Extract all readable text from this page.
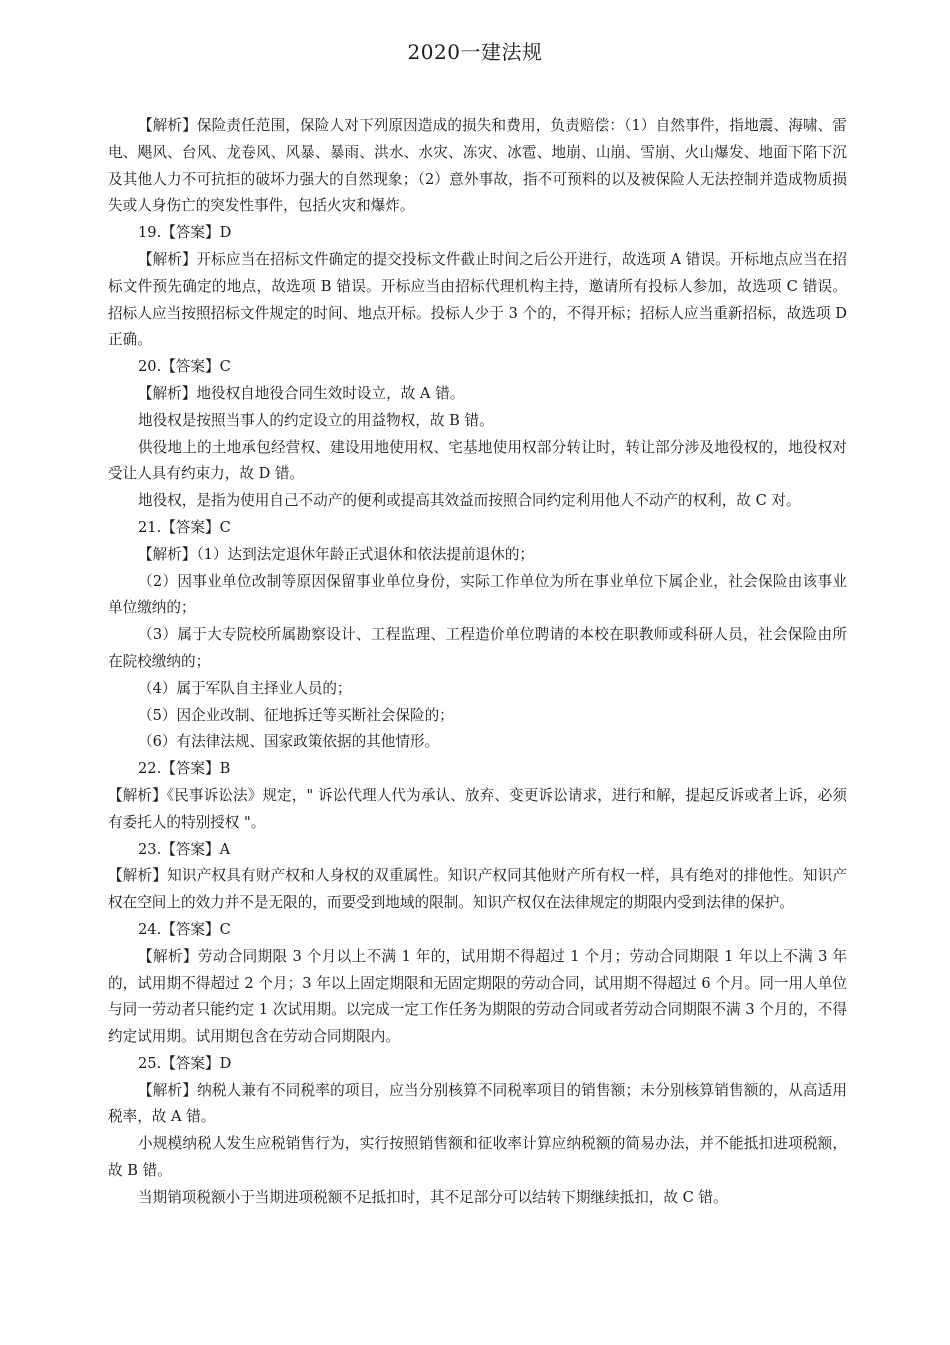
2020一建法规

【解析】保险责任范围，保险人对下列原因造成的损失和费用，负责赔偿：（1）自然事件，指地震、海啸、雷电、飓风、台风、龙卷风、风暴、暴雨、洪水、水灾、冻灾、冰雹、地崩、山崩、雪崩、火山爆发、地面下陷下沉及其他人力不可抗拒的破坏力强大的自然现象；（2）意外事故，指不可预料的以及被保险人无法控制并造成物质损失或人身伤亡的突发性事件，包括火灾和爆炸。

19.【答案】D

【解析】开标应当在招标文件确定的提交投标文件截止时间之后公开进行，故选项 A 错误。开标地点应当在招标文件预先确定的地点，故选项 B 错误。开标应当由招标代理机构主持，邀请所有投标人参加，故选项 C 错误。招标人应当按照招标文件规定的时间、地点开标。投标人少于 3 个的，不得开标；招标人应当重新招标，故选项 D 正确。

20.【答案】C

【解析】地役权自地役合同生效时设立，故 A 错。

地役权是按照当事人的约定设立的用益物权，故 B 错。

供役地上的土地承包经营权、建设用地使用权、宅基地使用权部分转让时，转让部分涉及地役权的，地役权对受让人具有约束力，故 D 错。

地役权，是指为使用自己不动产的便利或提高其效益而按照合同约定利用他人不动产的权利，故 C 对。

21.【答案】C

【解析】（1）达到法定退休年龄正式退休和依法提前退休的；

（2）因事业单位改制等原因保留事业单位身份，实际工作单位为所在事业单位下属企业，社会保险由该事业单位缴纳的；

（3）属于大专院校所属勘察设计、工程监理、工程造价单位聘请的本校在职教师或科研人员，社会保险由所在院校缴纳的；

（4）属于军队自主择业人员的；

（5）因企业改制、征地拆迁等买断社会保险的；

（6）有法律法规、国家政策依据的其他情形。

22.【答案】B

【解析】《民事诉讼法》规定，" 诉讼代理人代为承认、放弃、变更诉讼请求，进行和解，提起反诉或者上诉，必须有委托人的特别授权 "。

23.【答案】A

【解析】知识产权具有财产权和人身权的双重属性。知识产权同其他财产所有权一样，具有绝对的排他性。知识产权在空间上的效力并不是无限的，而要受到地域的限制。知识产权仅在法律规定的期限内受到法律的保护。

24.【答案】C

【解析】劳动合同期限 3 个月以上不满 1 年的，试用期不得超过 1 个月；劳动合同期限 1 年以上不满 3 年的，试用期不得超过 2 个月；3 年以上固定期限和无固定期限的劳动合同，试用期不得超过 6 个月。同一用人单位与同一劳动者只能约定 1 次试用期。以完成一定工作任务为期限的劳动合同或者劳动合同期限不满 3 个月的，不得约定试用期。试用期包含在劳动合同期限内。

25.【答案】D

【解析】纳税人兼有不同税率的项目，应当分别核算不同税率项目的销售额；未分别核算销售额的，从高适用税率，故 A 错。

小规模纳税人发生应税销售行为，实行按照销售额和征收率计算应纳税额的简易办法，并不能抵扣进项税额，故 B 错。

当期销项税额小于当期进项税额不足抵扣时，其不足部分可以结转下期继续抵扣，故 C 错。
